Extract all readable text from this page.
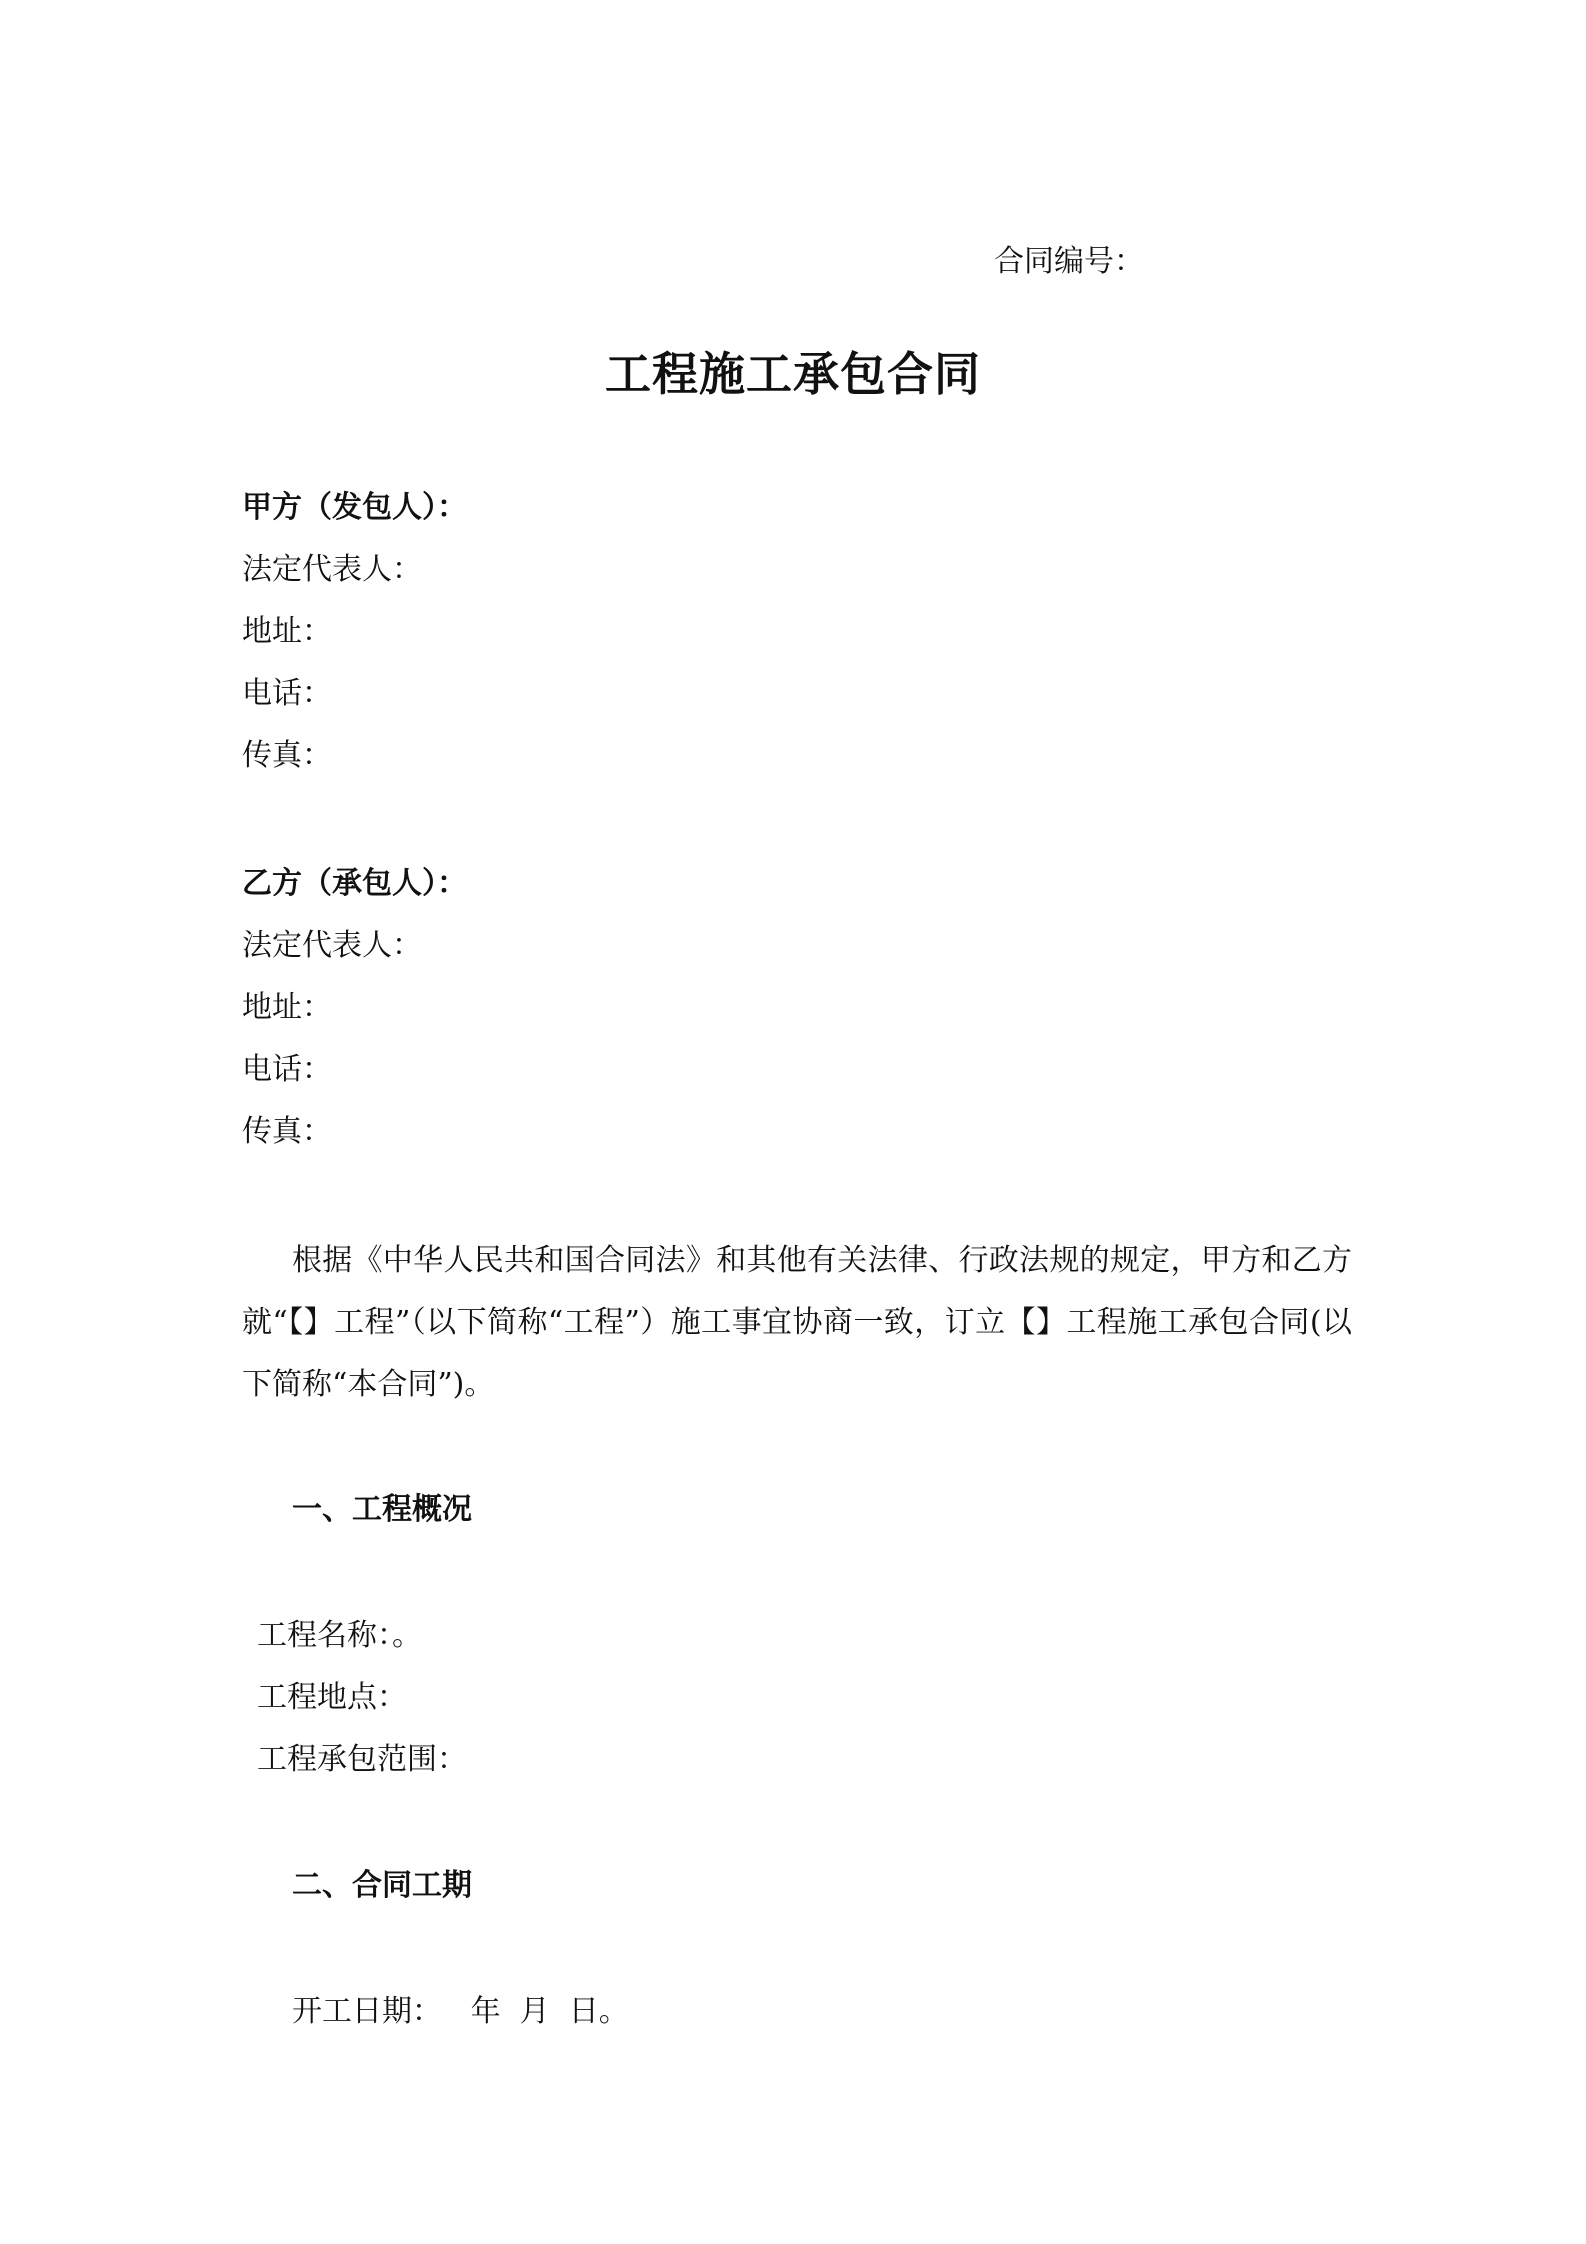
合同编号：
工程施工承包合同
甲方（发包人）：
法定代表人：
地址：
电话：
传真：
乙方（承包人）：
法定代表人：
地址：
电话：
传真：
根据《中华人民共和国合同法》和其他有关法律、行政法规的规定，甲方和乙方就“【】工程”（以下简称“工程”）施工事宜协商一致，订立【】工程施工承包合同(以下简称“本合同”)。
一、工程概况
工程名称：。
工程地点：
工程承包范围：
二、合同工期
开工日期：   年  月  日。
